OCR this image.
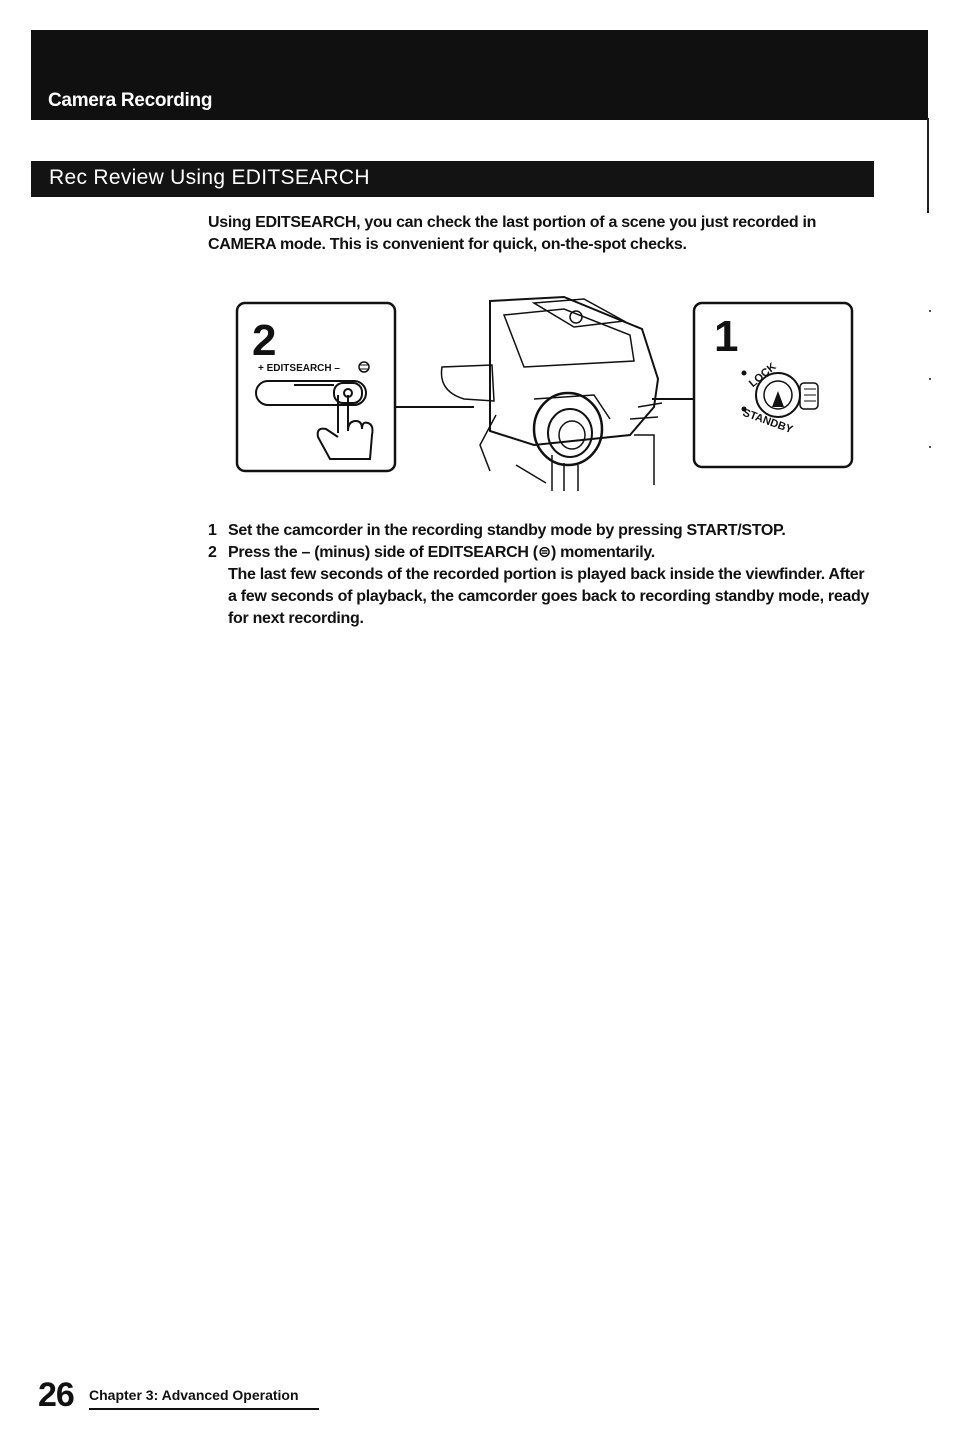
Camera Recording
Rec Review Using EDITSEARCH
Using EDITSEARCH, you can check the last portion of a scene you just recorded in CAMERA mode. This is convenient for quick, on-the-spot checks.
2
+ EDITSEARCH –
1
LOCK
STANDBY
1 Set the camcorder in the recording standby mode by pressing START/STOP.
2 Press the – (minus) side of EDITSEARCH (⊜) momentarily.
The last few seconds of the recorded portion is played back inside the viewfinder. After a few seconds of playback, the camcorder goes back to recording standby mode, ready for next recording.
26 Chapter 3: Advanced Operation
